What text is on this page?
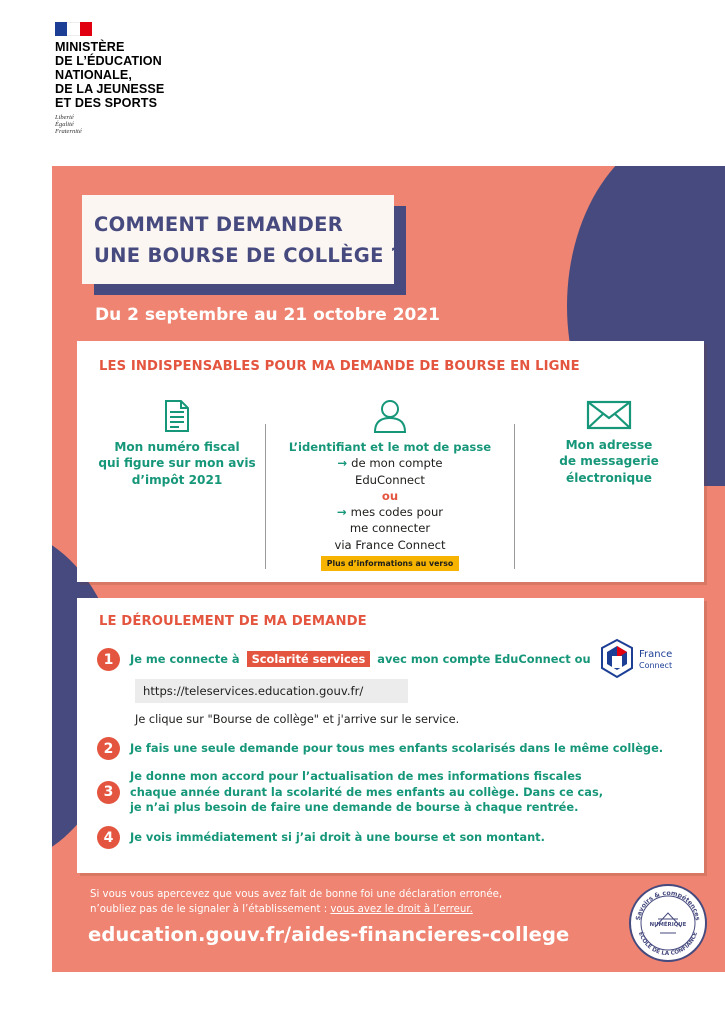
MINISTÈRE
DE L’ÉDUCATION
NATIONALE,
DE LA JEUNESSE
ET DES SPORTS
Liberté
Égalité
Fraternité
COMMENT DEMANDER
UNE BOURSE DE COLLÈGE ?
Du 2 septembre au 21 octobre 2021
LES INDISPENSABLES POUR MA DEMANDE DE BOURSE EN LIGNE
Mon numéro fiscal
qui figure sur mon avis
d’impôt 2021
L’identifiant et le mot de passe
→ de mon compte
EduConnect
ou
→ mes codes pour
me connecter
via France Connect
Plus d’informations au verso
Mon adresse
de messagerie
électronique
LE DÉROULEMENT DE MA DEMANDE
1	Je me connecte à Scolarité services avec mon compte EduConnect ou	France
Connect
https://teleservices.education.gouv.fr/
Je clique sur "Bourse de collège" et j'arrive sur le service.
2	Je fais une seule demande pour tous mes enfants scolarisés dans le même collège.
3
Je donne mon accord pour l’actualisation de mes informations fiscales
chaque année durant la scolarité de mes enfants au collège. Dans ce cas,
je n’ai plus besoin de faire une demande de bourse à chaque rentrée.
4	Je vois immédiatement si j’ai droit à une bourse et son montant.
Si vous vous apercevez que vous avez fait de bonne foi une déclaration erronée,
n’oubliez pas de le signaler à l’établissement : vous avez le droit à l’erreur.
education.gouv.fr/aides-financieres-college
Savoirs & compétences
NUMÉRIQUE
ÉCOLE DE LA CONFIANCE
